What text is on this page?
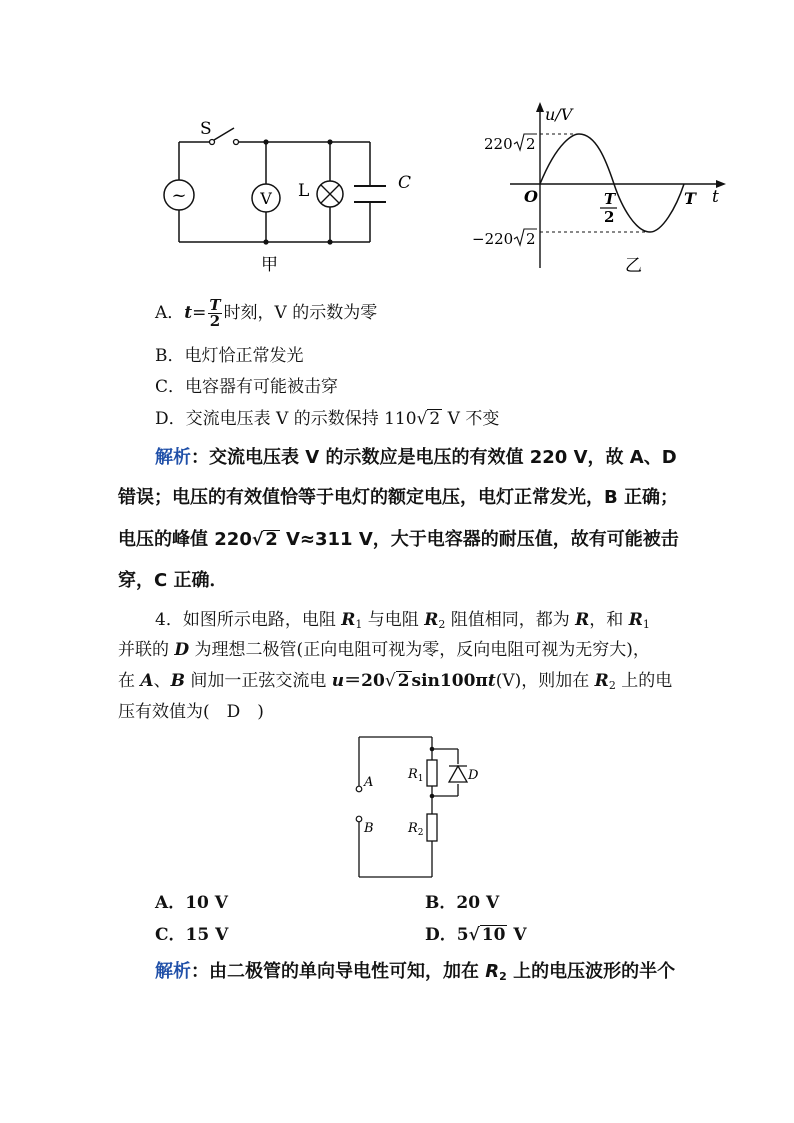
~	V
S
L	C
甲
u/V
t
O
220 2
−220 2
T
2
T
乙
A．$t= \frac{T}{2}$ 时刻，V 的示数为零
B．电灯恰正常发光
C．电容器有可能被击穿
D．交流电压表 V 的示数保持 110√ 2 V 不变
解析：交流电压表 V 的示数应是电压的有效值 220 V，故 A、D
错误；电压的有效值恰等于电灯的额定电压，电灯正常发光，B 正确；
电压的峰值 220√ 2 V≈311 V，大于电容器的耐压值，故有可能被击
穿，C 正确．
4．如图所示电路，电阻 $R_1$ 与电阻 $R_2$ 阻值相同，都为 R，和 $R_1$
并联的 D 为理想二极管(正向电阻可视为零，反向电阻可视为无穷大)，
在 A、B 间加一正弦交流电 u＝20√ 2 sin100πt(V)，则加在 $R_2$ 上的电
压有效值为(　D　)
A
B
$R_1$
$R_2$
D
A．10 V	B．20 V
C．15 V	D．5√ 10 V
解析：由二极管的单向导电性可知，加在 $R_2$ 上的电压波形的半个
